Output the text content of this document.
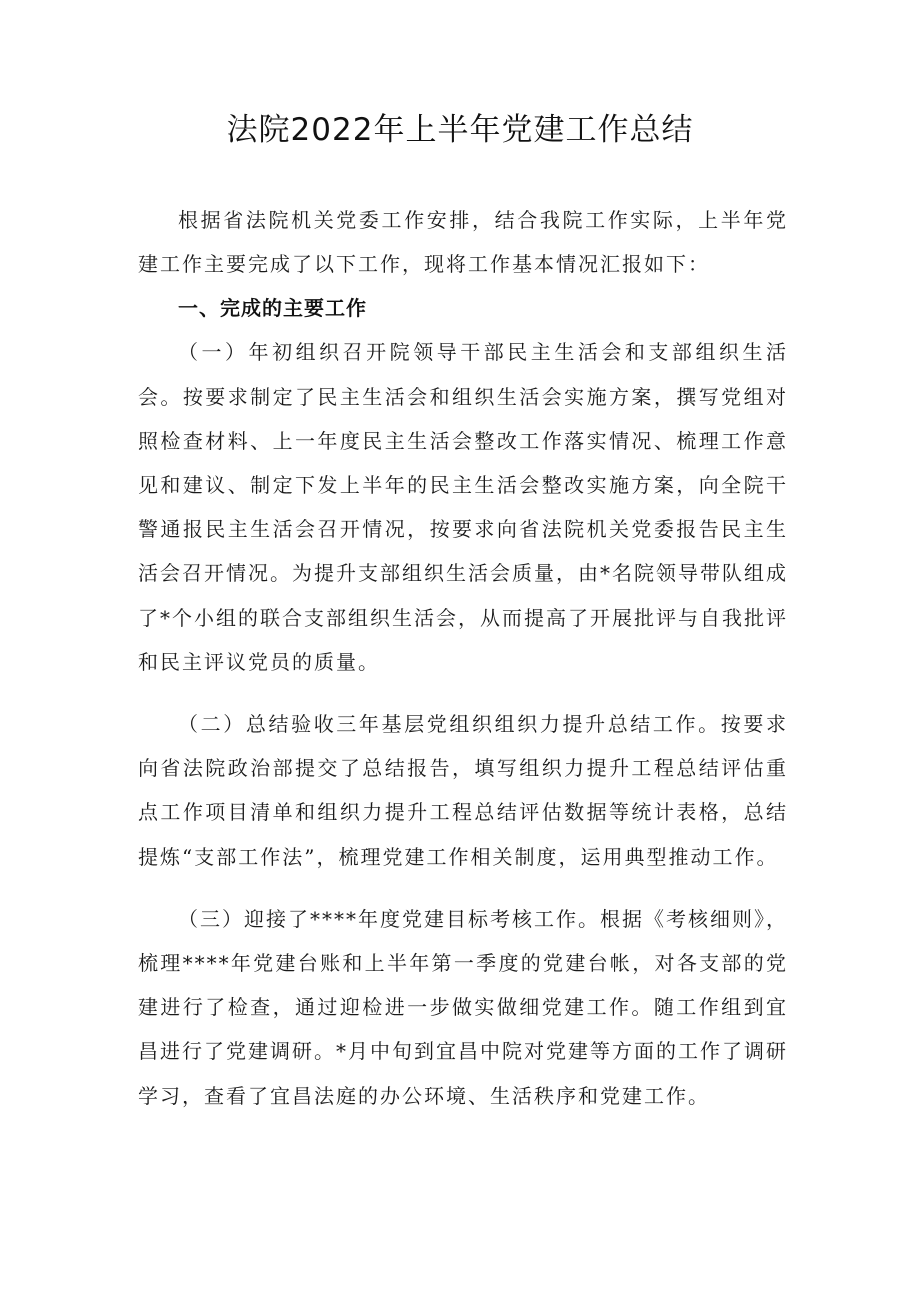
法院2022年上半年党建工作总结

根据省法院机关党委工作安排，结合我院工作实际，上半年党建工作主要完成了以下工作，现将工作基本情况汇报如下：

一、完成的主要工作

（一）年初组织召开院领导干部民主生活会和支部组织生活会。按要求制定了民主生活会和组织生活会实施方案，撰写党组对照检查材料、上一年度民主生活会整改工作落实情况、梳理工作意见和建议、制定下发上半年的民主生活会整改实施方案，向全院干警通报民主生活会召开情况，按要求向省法院机关党委报告民主生活会召开情况。为提升支部组织生活会质量，由*名院领导带队组成了*个小组的联合支部组织生活会，从而提高了开展批评与自我批评和民主评议党员的质量。

（二）总结验收三年基层党组织组织力提升总结工作。按要求向省法院政治部提交了总结报告，填写组织力提升工程总结评估重点工作项目清单和组织力提升工程总结评估数据等统计表格，总结提炼“支部工作法”，梳理党建工作相关制度，运用典型推动工作。

（三）迎接了****年度党建目标考核工作。根据《考核细则》，梳理****年党建台账和上半年第一季度的党建台帐，对各支部的党建进行了检查，通过迎检进一步做实做细党建工作。随工作组到宜昌进行了党建调研。*月中旬到宜昌中院对党建等方面的工作了调研学习，查看了宜昌法庭的办公环境、生活秩序和党建工作。
